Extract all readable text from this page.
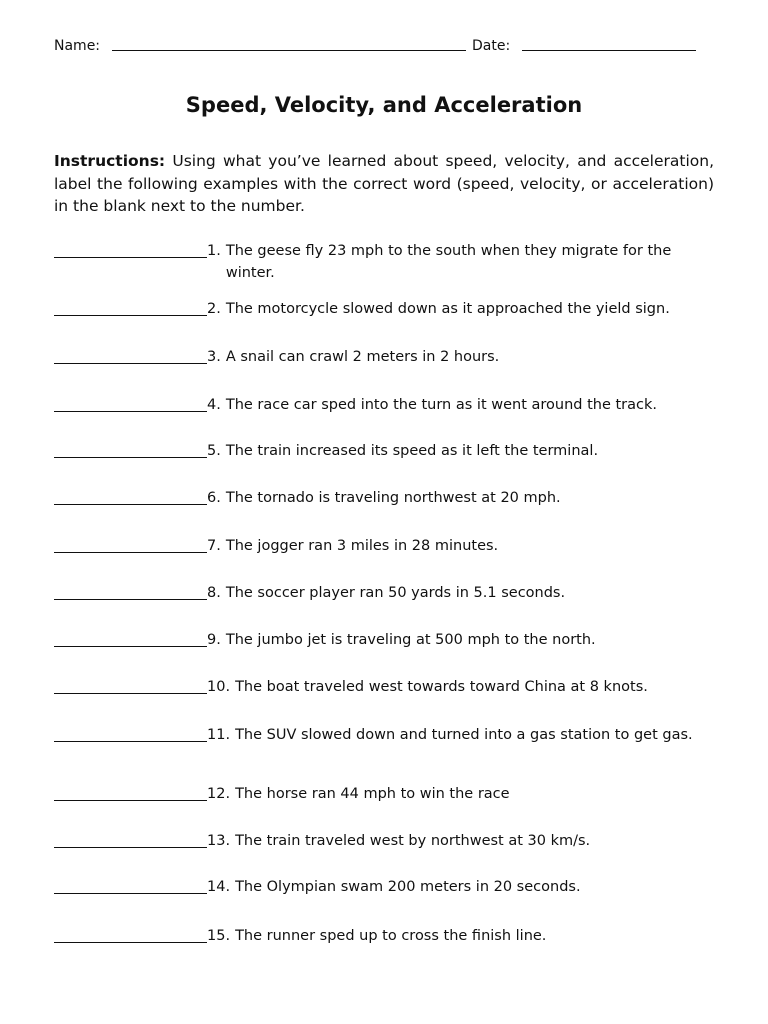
Name:	Date:
Speed, Velocity, and Acceleration
Instructions: Using what you’ve learned about speed, velocity, and acceleration, label the following examples with the correct word (speed, velocity, or acceleration) in the blank next to the number.
1. The geese fly 23 mph to the south when they migrate for the winter.
2. The motorcycle slowed down as it approached the yield sign.
3. A snail can crawl 2 meters in 2 hours.
4. The race car sped into the turn as it went around the track.
5. The train increased its speed as it left the terminal.
6. The tornado is traveling northwest at 20 mph.
7. The jogger ran 3 miles in 28 minutes.
8. The soccer player ran 50 yards in 5.1 seconds.
9. The jumbo jet is traveling at 500 mph to the north.
10. The boat traveled west towards toward China at 8 knots.
11. The SUV slowed down and turned into a gas station to get gas.
12. The horse ran 44 mph to win the race
13. The train traveled west by northwest at 30 km/s.
14. The Olympian swam 200 meters in 20 seconds.
15. The runner sped up to cross the finish line.
